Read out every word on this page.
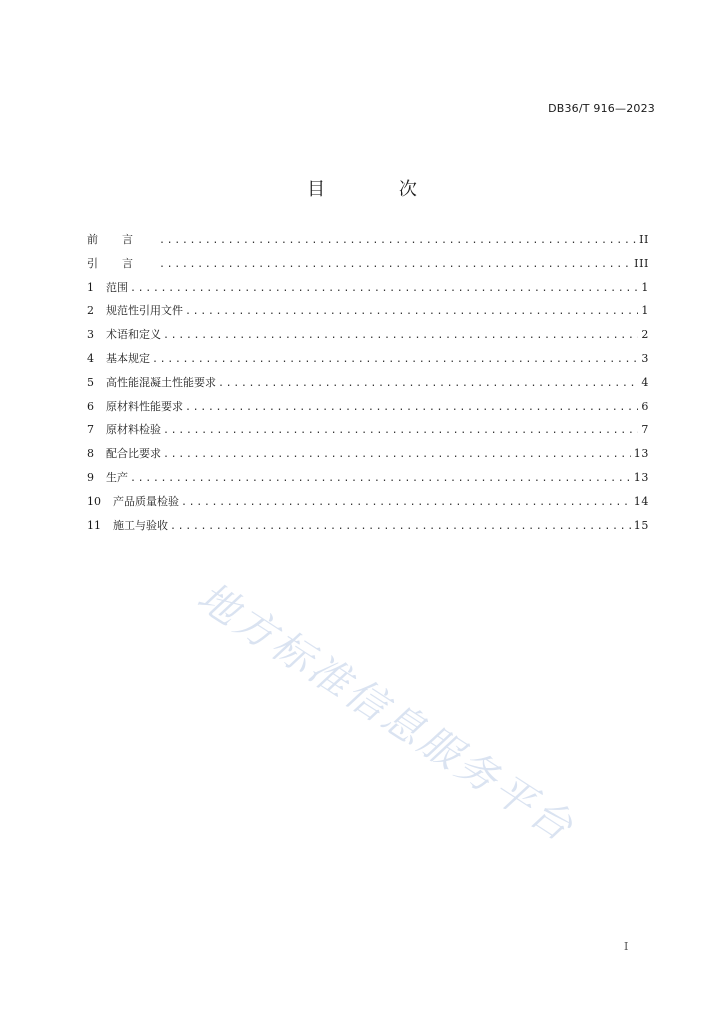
DB36/T 916—2023
目 次
前言 .....	II
引言 .....	III
1	范围 .....	1
2	规范性引用文件 .....	1
3	术语和定义 .....	2
4	基本规定 .....	3
5	高性能混凝土性能要求 .....	4
6	原材料性能要求 .....	6
7	原材料检验 .....	7
8	配合比要求 .....	13
9	生产 .....	13
10	产品质量检验 .....	14
11	施工与验收 .....	15
地方标准信息服务平台
I
